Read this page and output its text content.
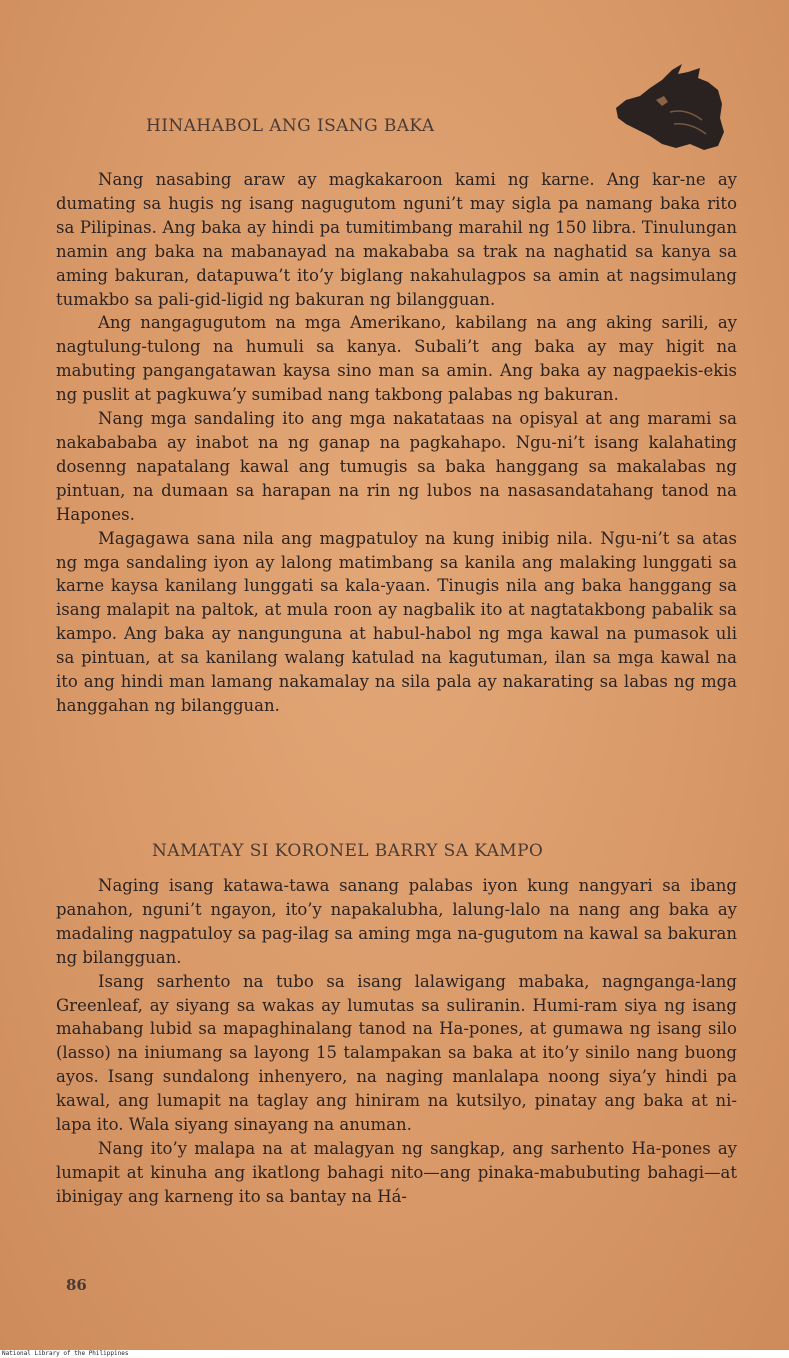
HINAHABOL ANG ISANG BAKA

Nang nasabing araw ay magkakaroon kami ng karne. Ang kar-ne ay dumating sa hugis ng isang nagugutom nguni’t may sigla pa namang baka rito sa Pilipinas. Ang baka ay hindi pa tumitimbang marahil ng 150 libra. Tinulungan namin ang baka na mabanayad na makababa sa trak na naghatid sa kanya sa aming bakuran, datapuwa’t ito’y biglang nakahulagpos sa amin at nagsimulang tumakbo sa pali-gid-ligid ng bakuran ng bilangguan.

Ang nangagugutom na mga Amerikano, kabilang na ang aking sarili, ay nagtulung-tulong na humuli sa kanya. Subali’t ang baka ay may higit na mabuting pangangatawan kaysa sino man sa amin. Ang baka ay nagpaekis-ekis ng puslit at pagkuwa’y sumibad nang takbong palabas ng bakuran.

Nang mga sandaling ito ang mga nakatataas na opisyal at ang marami sa nakabababa ay inabot na ng ganap na pagkahapo. Ngu-ni’t isang kalahating dosenng napatalang kawal ang tumugis sa baka hanggang sa makalabas ng pintuan, na dumaan sa harapan na rin ng lubos na nasasandatahang tanod na Hapones.

Magagawa sana nila ang magpatuloy na kung inibig nila. Ngu-ni’t sa atas ng mga sandaling iyon ay lalong matimbang sa kanila ang malaking lunggati sa karne kaysa kanilang lunggati sa kala-yaan. Tinugis nila ang baka hanggang sa isang malapit na paltok, at mula roon ay nagbalik ito at nagtatakbong pabalik sa kampo. Ang baka ay nangunguna at habul-habol ng mga kawal na pumasok uli sa pintuan, at sa kanilang walang katulad na kagutuman, ilan sa mga kawal na ito ang hindi man lamang nakamalay na sila pala ay nakarating sa labas ng mga hanggahan ng bilangguan.

NAMATAY SI KORONEL BARRY SA KAMPO

Naging isang katawa-tawa sanang palabas iyon kung nangyari sa ibang panahon, nguni’t ngayon, ito’y napakalubha, lalung-lalo na nang ang baka ay madaling nagpatuloy sa pag-ilag sa aming mga na-gugutom na kawal sa bakuran ng bilangguan.

Isang sarhento na tubo sa isang lalawigang mabaka, nagnganga-lang Greenleaf, ay siyang sa wakas ay lumutas sa suliranin. Humi-ram siya ng isang mahabang lubid sa mapaghinalang tanod na Ha-pones, at gumawa ng isang silo (lasso) na iniumang sa layong 15 talampakan sa baka at ito’y sinilo nang buong ayos. Isang sundalong inhenyero, na naging manlalapa noong siya’y hindi pa kawal, ang lumapit na taglay ang hiniram na kutsilyo, pinatay ang baka at ni-lapa ito. Wala siyang sinayang na anuman.

Nang ito’y malapa na at malagyan ng sangkap, ang sarhento Ha-pones ay lumapit at kinuha ang ikatlong bahagi nito—ang pinaka-mabubuting bahagi—at ibinigay ang karneng ito sa bantay na Há-

86
National Library of the Philippines
